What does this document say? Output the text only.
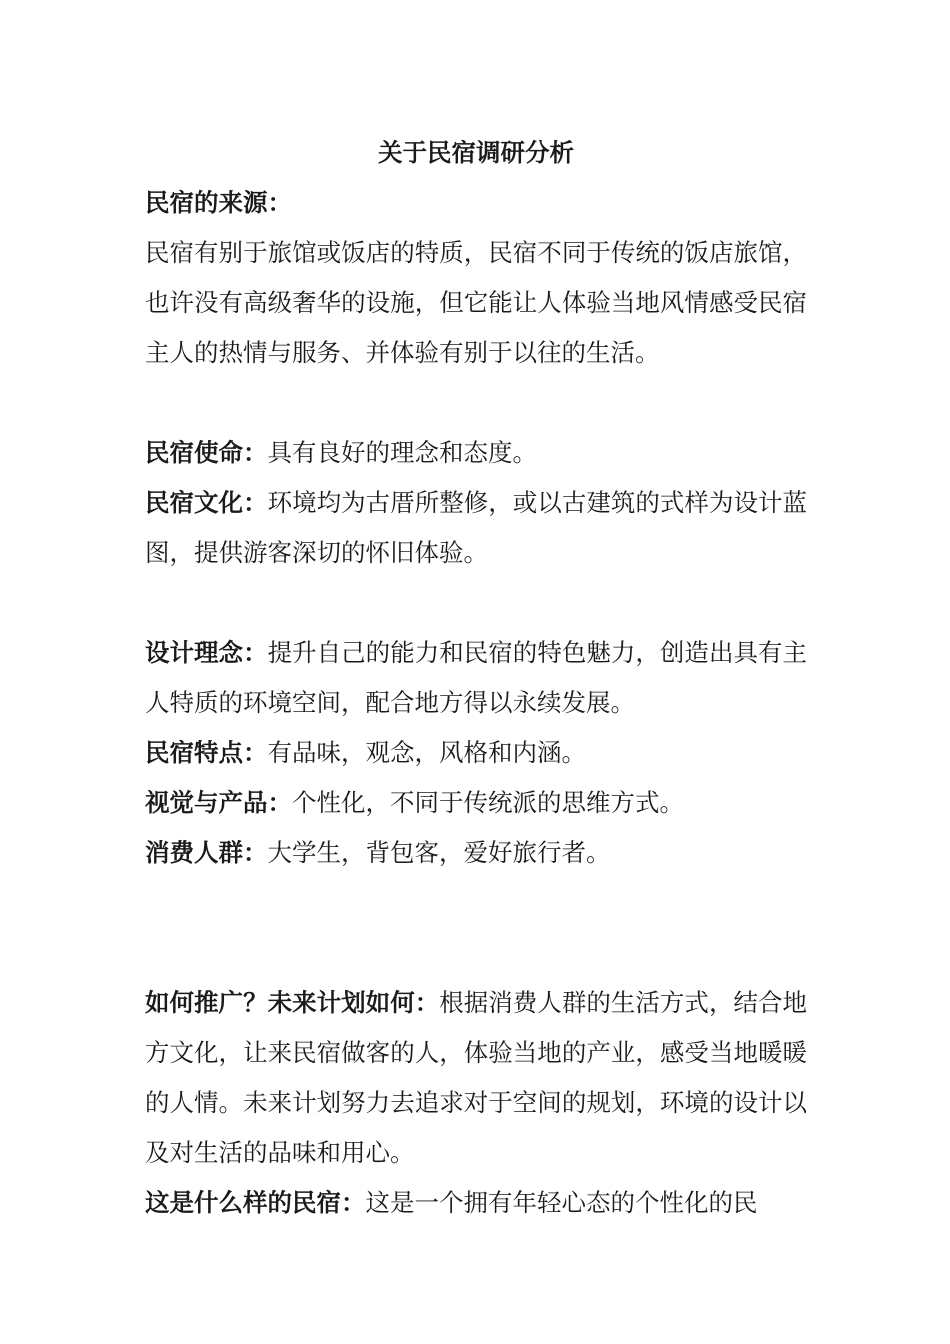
关于民宿调研分析
民宿的来源：

民宿有别于旅馆或饭店的特质，民宿不同于传统的饭店旅馆，也许没有高级奢华的设施，但它能让人体验当地风情感受民宿主人的热情与服务、并体验有别于以往的生活。

民宿使命：具有良好的理念和态度。

民宿文化：环境均为古厝所整修，或以古建筑的式样为设计蓝图，提供游客深切的怀旧体验。

设计理念：提升自己的能力和民宿的特色魅力，创造出具有主人特质的环境空间，配合地方得以永续发展。

民宿特点：有品味，观念，风格和内涵。

视觉与产品：个性化，不同于传统派的思维方式。

消费人群：大学生，背包客，爱好旅行者。

如何推广？未来计划如何：根据消费人群的生活方式，结合地方文化，让来民宿做客的人，体验当地的产业，感受当地暖暖的人情。未来计划努力去追求对于空间的规划，环境的设计以及对生活的品味和用心。

这是什么样的民宿：这是一个拥有年轻心态的个性化的民
